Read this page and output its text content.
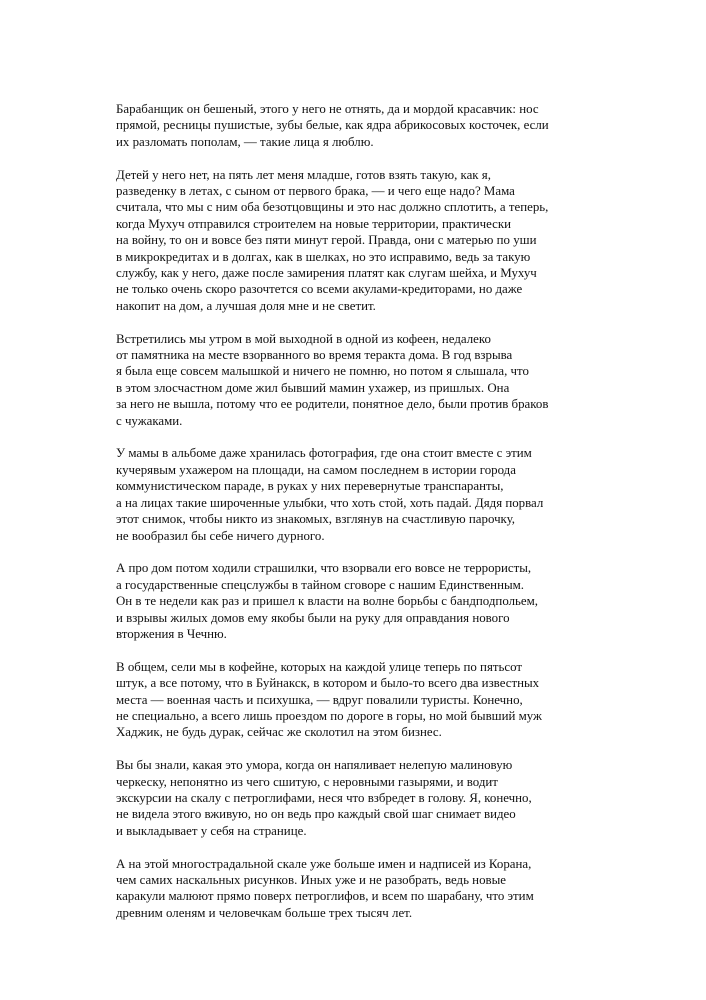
Барабанщик он бешеный, этого у него не отнять, да и мордой красавчик: нос
прямой, ресницы пушистые, зубы белые, как ядра абрикосовых косточек, если
их разломать пополам, — такие лица я люблю.

Детей у него нет, на пять лет меня младше, готов взять такую, как я,
разведенку в летах, с сыном от первого брака, — и чего еще надо? Мама
считала, что мы с ним оба безотцовщины и это нас должно сплотить, а теперь,
когда Мухуч отправился строителем на новые территории, практически
на войну, то он и вовсе без пяти минут герой. Правда, они с матерью по уши
в микрокредитах и в долгах, как в шелках, но это исправимо, ведь за такую
службу, как у него, даже после замирения платят как слугам шейха, и Мухуч
не только очень скоро разочтется со всеми акулами-кредиторами, но даже
накопит на дом, а лучшая доля мне и не светит.

Встретились мы утром в мой выходной в одной из кофеен, недалеко
от памятника на месте взорванного во время теракта дома. В год взрыва
я была еще совсем малышкой и ничего не помню, но потом я слышала, что
в этом злосчастном доме жил бывший мамин ухажер, из пришлых. Она
за него не вышла, потому что ее родители, понятное дело, были против браков
с чужаками.

У мамы в альбоме даже хранилась фотография, где она стоит вместе с этим
кучерявым ухажером на площади, на самом последнем в истории города
коммунистическом параде, в руках у них перевернутые транспаранты,
а на лицах такие широченные улыбки, что хоть стой, хоть падай. Дядя порвал
этот снимок, чтобы никто из знакомых, взглянув на счастливую парочку,
не вообразил бы себе ничего дурного.

А про дом потом ходили страшилки, что взорвали его вовсе не террористы,
а государственные спецслужбы в тайном сговоре с нашим Единственным.
Он в те недели как раз и пришел к власти на волне борьбы с бандподпольем,
и взрывы жилых домов ему якобы были на руку для оправдания нового
вторжения в Чечню.

В общем, сели мы в кофейне, которых на каждой улице теперь по пятьсот
штук, а все потому, что в Буйнакск, в котором и было-то всего два известных
места — военная часть и психушка, — вдруг повалили туристы. Конечно,
не специально, а всего лишь проездом по дороге в горы, но мой бывший муж
Хаджик, не будь дурак, сейчас же сколотил на этом бизнес.

Вы бы знали, какая это умора, когда он напяливает нелепую малиновую
черкеску, непонятно из чего сшитую, с неровными газырями, и водит
экскурсии на скалу с петроглифами, неся что взбредет в голову. Я, конечно,
не видела этого вживую, но он ведь про каждый свой шаг снимает видео
и выкладывает у себя на странице.

А на этой многострадальной скале уже больше имен и надписей из Корана,
чем самих наскальных рисунков. Иных уже и не разобрать, ведь новые
каракули малюют прямо поверх петроглифов, и всем по шарабану, что этим
древним оленям и человечкам больше трех тысяч лет.
